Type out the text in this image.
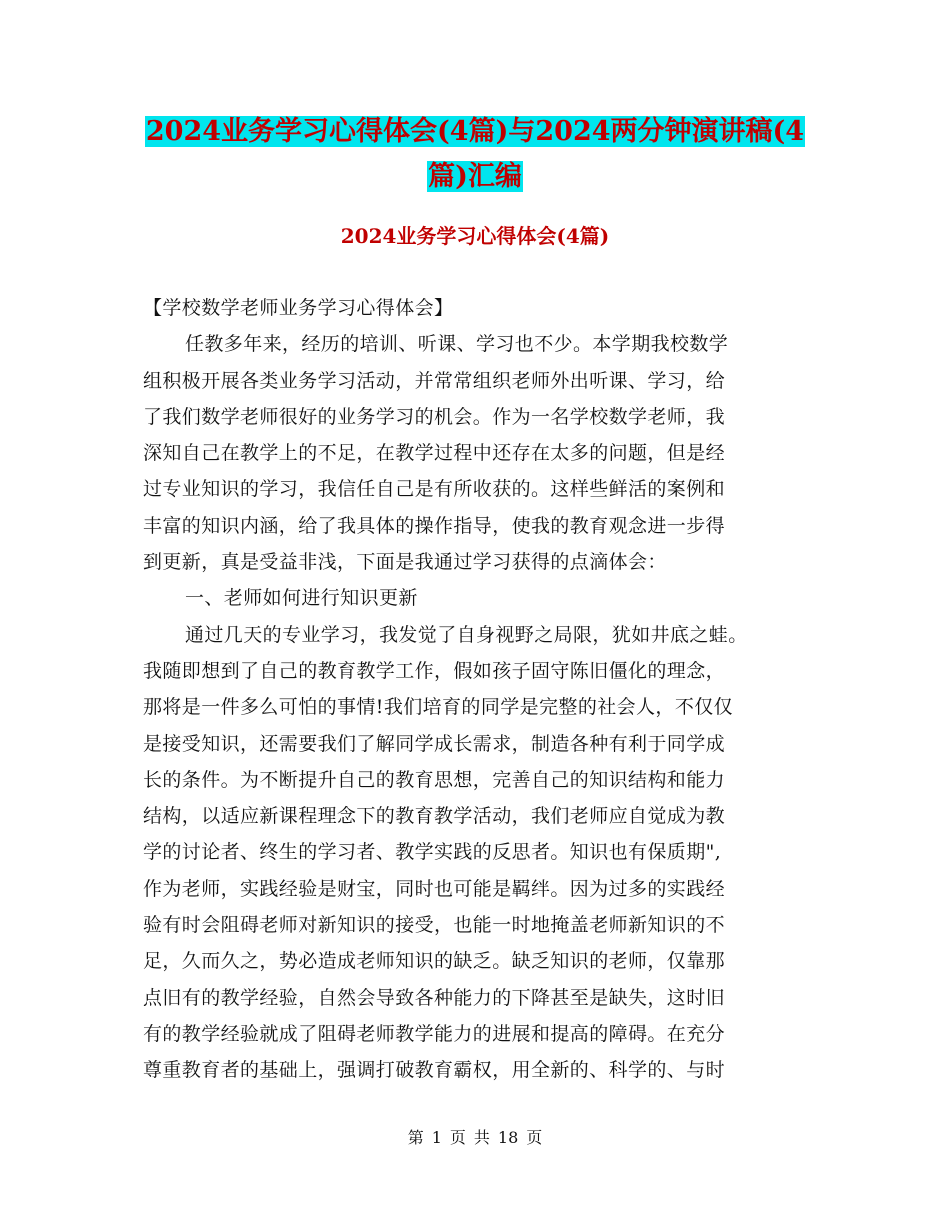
2024业务学习心得体会(4篇)与2024两分钟演讲稿(4
篇)汇编
2024业务学习心得体会(4篇)
【学校数学老师业务学习心得体会】
任教多年来，经历的培训、听课、学习也不少。本学期我校数学
组积极开展各类业务学习活动，并常常组织老师外出听课、学习，给
了我们数学老师很好的业务学习的机会。作为一名学校数学老师，我
深知自己在教学上的不足，在教学过程中还存在太多的问题，但是经
过专业知识的学习，我信任自己是有所收获的。这样些鲜活的案例和
丰富的知识内涵，给了我具体的操作指导，使我的教育观念进一步得
到更新，真是受益非浅，下面是我通过学习获得的点滴体会：
一、老师如何进行知识更新
通过几天的专业学习，我发觉了自身视野之局限，犹如井底之蛙。
我随即想到了自己的教育教学工作，假如孩子固守陈旧僵化的理念，
那将是一件多么可怕的事情!我们培育的同学是完整的社会人，不仅仅
是接受知识，还需要我们了解同学成长需求，制造各种有利于同学成
长的条件。为不断提升自己的教育思想，完善自己的知识结构和能力
结构，以适应新课程理念下的教育教学活动，我们老师应自觉成为教
学的讨论者、终生的学习者、教学实践的反思者。知识也有保质期",
作为老师，实践经验是财宝，同时也可能是羁绊。因为过多的实践经
验有时会阻碍老师对新知识的接受，也能一时地掩盖老师新知识的不
足，久而久之，势必造成老师知识的缺乏。缺乏知识的老师，仅靠那
点旧有的教学经验，自然会导致各种能力的下降甚至是缺失，这时旧
有的教学经验就成了阻碍老师教学能力的进展和提高的障碍。在充分
尊重教育者的基础上，强调打破教育霸权，用全新的、科学的、与时
第 1 页 共 18 页
